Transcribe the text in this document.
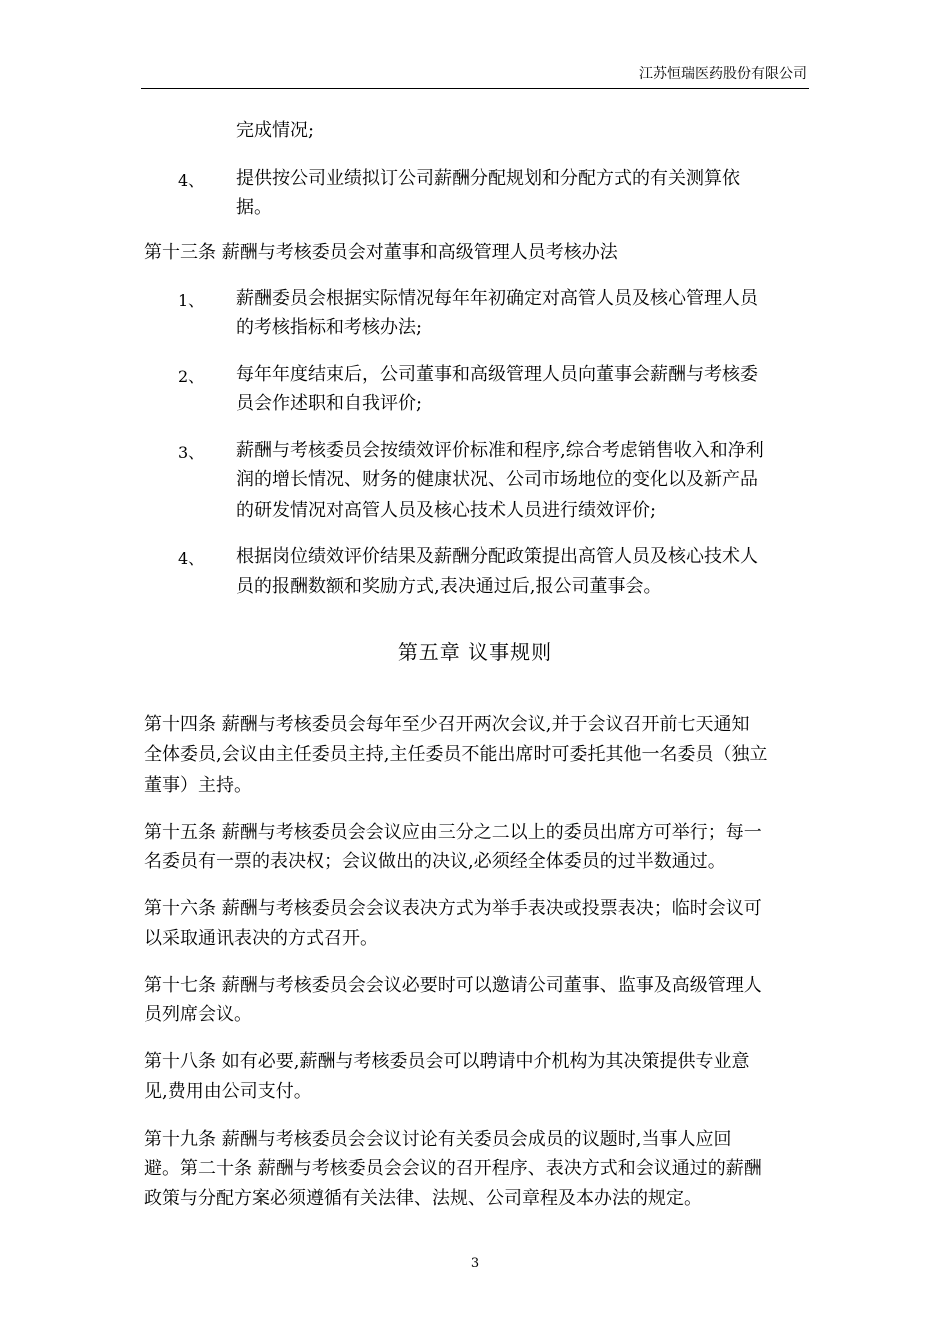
江苏恒瑞医药股份有限公司
完成情况;
4、 提供按公司业绩拟订公司薪酬分配规划和分配方式的有关测算依
据。
第十三条 薪酬与考核委员会对董事和高级管理人员考核办法
1、 薪酬委员会根据实际情况每年年初确定对高管人员及核心管理人员
的考核指标和考核办法;
2、 每年年度结束后，公司董事和高级管理人员向董事会薪酬与考核委
员会作述职和自我评价;
3、 薪酬与考核委员会按绩效评价标准和程序,综合考虑销售收入和净利
润的增长情况、财务的健康状况、公司市场地位的变化以及新产品
的研发情况对高管人员及核心技术人员进行绩效评价;
4、 根据岗位绩效评价结果及薪酬分配政策提出高管人员及核心技术人
员的报酬数额和奖励方式,表决通过后,报公司董事会。
第五章 议事规则
第十四条 薪酬与考核委员会每年至少召开两次会议,并于会议召开前七天通知
全体委员,会议由主任委员主持,主任委员不能出席时可委托其他一名委员（独立
董事）主持。
第十五条 薪酬与考核委员会会议应由三分之二以上的委员出席方可举行；每一
名委员有一票的表决权；会议做出的决议,必须经全体委员的过半数通过。
第十六条 薪酬与考核委员会会议表决方式为举手表决或投票表决；临时会议可
以采取通讯表决的方式召开。
第十七条 薪酬与考核委员会会议必要时可以邀请公司董事、监事及高级管理人
员列席会议。
第十八条 如有必要,薪酬与考核委员会可以聘请中介机构为其决策提供专业意
见,费用由公司支付。
第十九条 薪酬与考核委员会会议讨论有关委员会成员的议题时,当事人应回
避。第二十条 薪酬与考核委员会会议的召开程序、表决方式和会议通过的薪酬
政策与分配方案必须遵循有关法律、法规、公司章程及本办法的规定。
3
